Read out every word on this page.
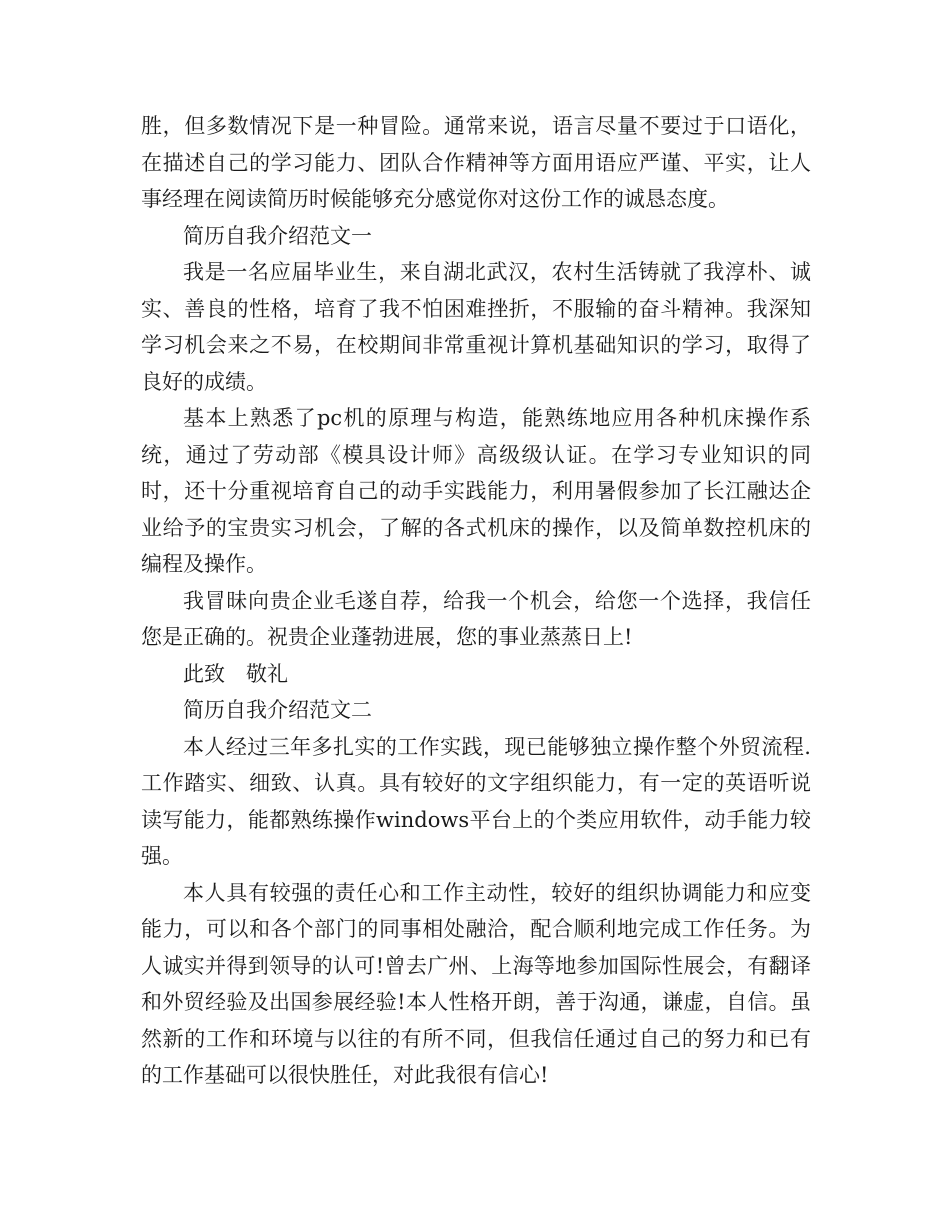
胜，但多数情况下是一种冒险。通常来说，语言尽量不要过于口语化，在描述自己的学习能力、团队合作精神等方面用语应严谨、平实，让人事经理在阅读简历时候能够充分感觉你对这份工作的诚恳态度。

简历自我介绍范文一

我是一名应届毕业生，来自湖北武汉，农村生活铸就了我淳朴、诚实、善良的性格，培育了我不怕困难挫折，不服输的奋斗精神。我深知学习机会来之不易，在校期间非常重视计算机基础知识的学习，取得了良好的成绩。

基本上熟悉了pc机的原理与构造，能熟练地应用各种机床操作系统，通过了劳动部《模具设计师》高级级认证。在学习专业知识的同时，还十分重视培育自己的动手实践能力，利用暑假参加了长江融达企业给予的宝贵实习机会，了解的各式机床的操作，以及简单数控机床的编程及操作。

我冒昧向贵企业毛遂自荐，给我一个机会，给您一个选择，我信任您是正确的。祝贵企业蓬勃进展，您的事业蒸蒸日上!

此致　敬礼

简历自我介绍范文二

本人经过三年多扎实的工作实践，现已能够独立操作整个外贸流程.工作踏实、细致、认真。具有较好的文字组织能力，有一定的英语听说读写能力，能都熟练操作windows平台上的个类应用软件，动手能力较强。

本人具有较强的责任心和工作主动性，较好的组织协调能力和应变能力，可以和各个部门的同事相处融洽，配合顺利地完成工作任务。为人诚实并得到领导的认可!曾去广州、上海等地参加国际性展会，有翻译和外贸经验及出国参展经验!本人性格开朗，善于沟通，谦虚，自信。虽然新的工作和环境与以往的有所不同，但我信任通过自己的努力和已有的工作基础可以很快胜任，对此我很有信心!
